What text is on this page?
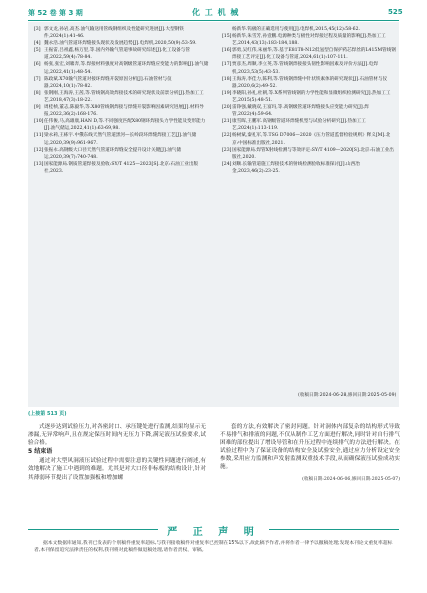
第 52 卷 第 3 期	化 工 机 械	525
[3] 郭文龙,孙岩,高杰.油气输送用管线钢组织及性能研究进展[J].大型钢铁件,2024(1):41-46.
[4] 魏永浩.油气管道环焊缝接头现状及发展趋势[J].电焊机,2020,50(9):53-59.
[5] 王振雷,吕祖鑫,杨万里,等.国内外输气管道事故研究综述[J].化工设备与管道,2022,59(4):78-84.
[6] 杨张,张宏,刘啸奔,等.焊接材料强度对高钢级管道环焊缝应变能力的影响[J].油气储运,2022,41(1):48-54.
[7] 陈政斌.X70输气管道对接环焊缝开裂原因分析[J].石油管材与仪器,2024,10(1):78-82.
[8] 张钢刚,王海涛,王茜,等.管线钢高效焊接技术的研究现状及前景分析[J].热加工工艺,2018,47(3):18-22.
[9] 周桂桢,董志,陈毅华,等.X80管线钢焊接与焊缝开裂影响因素研究进展[J].材料导报,2022,36(2):168-176.
[10] 任伟俊,马,高雄康,HAN D,等.不同强度匹配X80钢环焊接头力学性能及变形能力[J].油气储运,2022,41(1):63-69,98.
[11] 梁永莉,王栋宇.中俄东线天然气管道黑河—长岭段环焊缝焊接工艺[J].油气储运,2020,39(9):961-967.
[12] 张振永.高钢级大口径天然气管道环焊缝安全提升设计关键[J].油气储运,2020,39(7):740-748.
[13] 国家能源局.钢质管道焊接及验收:SY/T 4125—2023[S].北京:石油工业出版社,2023.
杨新华.钨极的正确选用与使用[J].电焊机,2015,45(12):58-62.
[15] 杨新华,朱雪芳,孙壹鹏.电源种类与极性对焊接过程及质量的影响[J].热加工工艺,2014,43(13):183-184,188.
[16] 郭勇,吴红伟,朱丽华,等.基于E81T8-N12低氢型自保护药芯焊丝的L415M管线钢焊接工艺评定[J].化工设备与管道,2024,61(1):107-111.
[17] 贾彦杰,周顺,李立英,等.管线钢焊接接头韧性影响因素及评价方法[J].电焊机,2023,53(5):43-53.
[18] 王海涛,李佳力,陈利,等.管线钢焊缝中针状铁素体的研究现状[J].石油管材与仪器,2020,6(2):49-52.
[19] 李晓阳,孙礼,杜朝,等.X系列管线钢的力学性能和显微组织检测研究[J].热加工工艺,2015(5):48-51.
[20] 雷铮强,戴晓双,王富玛,等.高钢级管道环焊缝接头应变能力研究[J].焊管,2022(4):59-64.
[21] 康雪晖,王鹏军.高钢级管道环焊缝机型与试验分析研究[J].热加工工艺,2024(1):113-119.
[22] 杨树斌,秦礼军,等.TSG D7006—2020《压力管道监督检验规则》释义[M].北京:中国标准出版社,2021.
[23] 国家能源局.焊管X射线检测与等效评定:SY/T 4109—2020[S].北京:石油工业出版社,2020.
[24] 刘顺.长输管道施工焊接技术的射线检测验收标准探讨[J].山西冶金,2023,46(2):23-25.
(收稿日期:2024-06-28,修回日期:2025-05-09)
(上接第 513 页)

式逐步达到试验压力,对各密封口、承压键处进行监测,结果均显示无渗漏,无异常响声,且在规定保压时间内无压力下降,满足液压试验要求,试验合格。

5 结束语

通过对大型风洞液压试验过程中需要注意的关键性问题进行阐述,有效地解决了施工中遇到的难题。尤其是对大口径非标板的结构设计,针对其薄弱环节提出了设置加强板和增加螺

套的方法,有效解决了密封问题。针对洞体内部复杂的结构形式导致不易排气和排液的问题,不仅从制作工艺方面进行解决,同时针对自行排气困难的部位提出了增设导管和在升压过程中连续排气的方法进行解决。在试验过程中为了保证设备的结构安全及试验安全,通过应力分析设定安全参数,采用应力监测和声发射监测双重技术手段,从而确保液压试验成功实施。

(收稿日期:2024-06-06,修回日期:2025-05-07)
严 正 声 明
据本文数据库通知,我刊已发表的个别稿件重复率超标,与我刊接收稿件对重复率已控制在15%以下,故此稿予作者,并将作者一律予以撤稿处理;发现本刊论文重复率超标者,本刊保留追究法律责任的权利,我刊将对此稿件做退稿处理,请作者责权、审稿。
